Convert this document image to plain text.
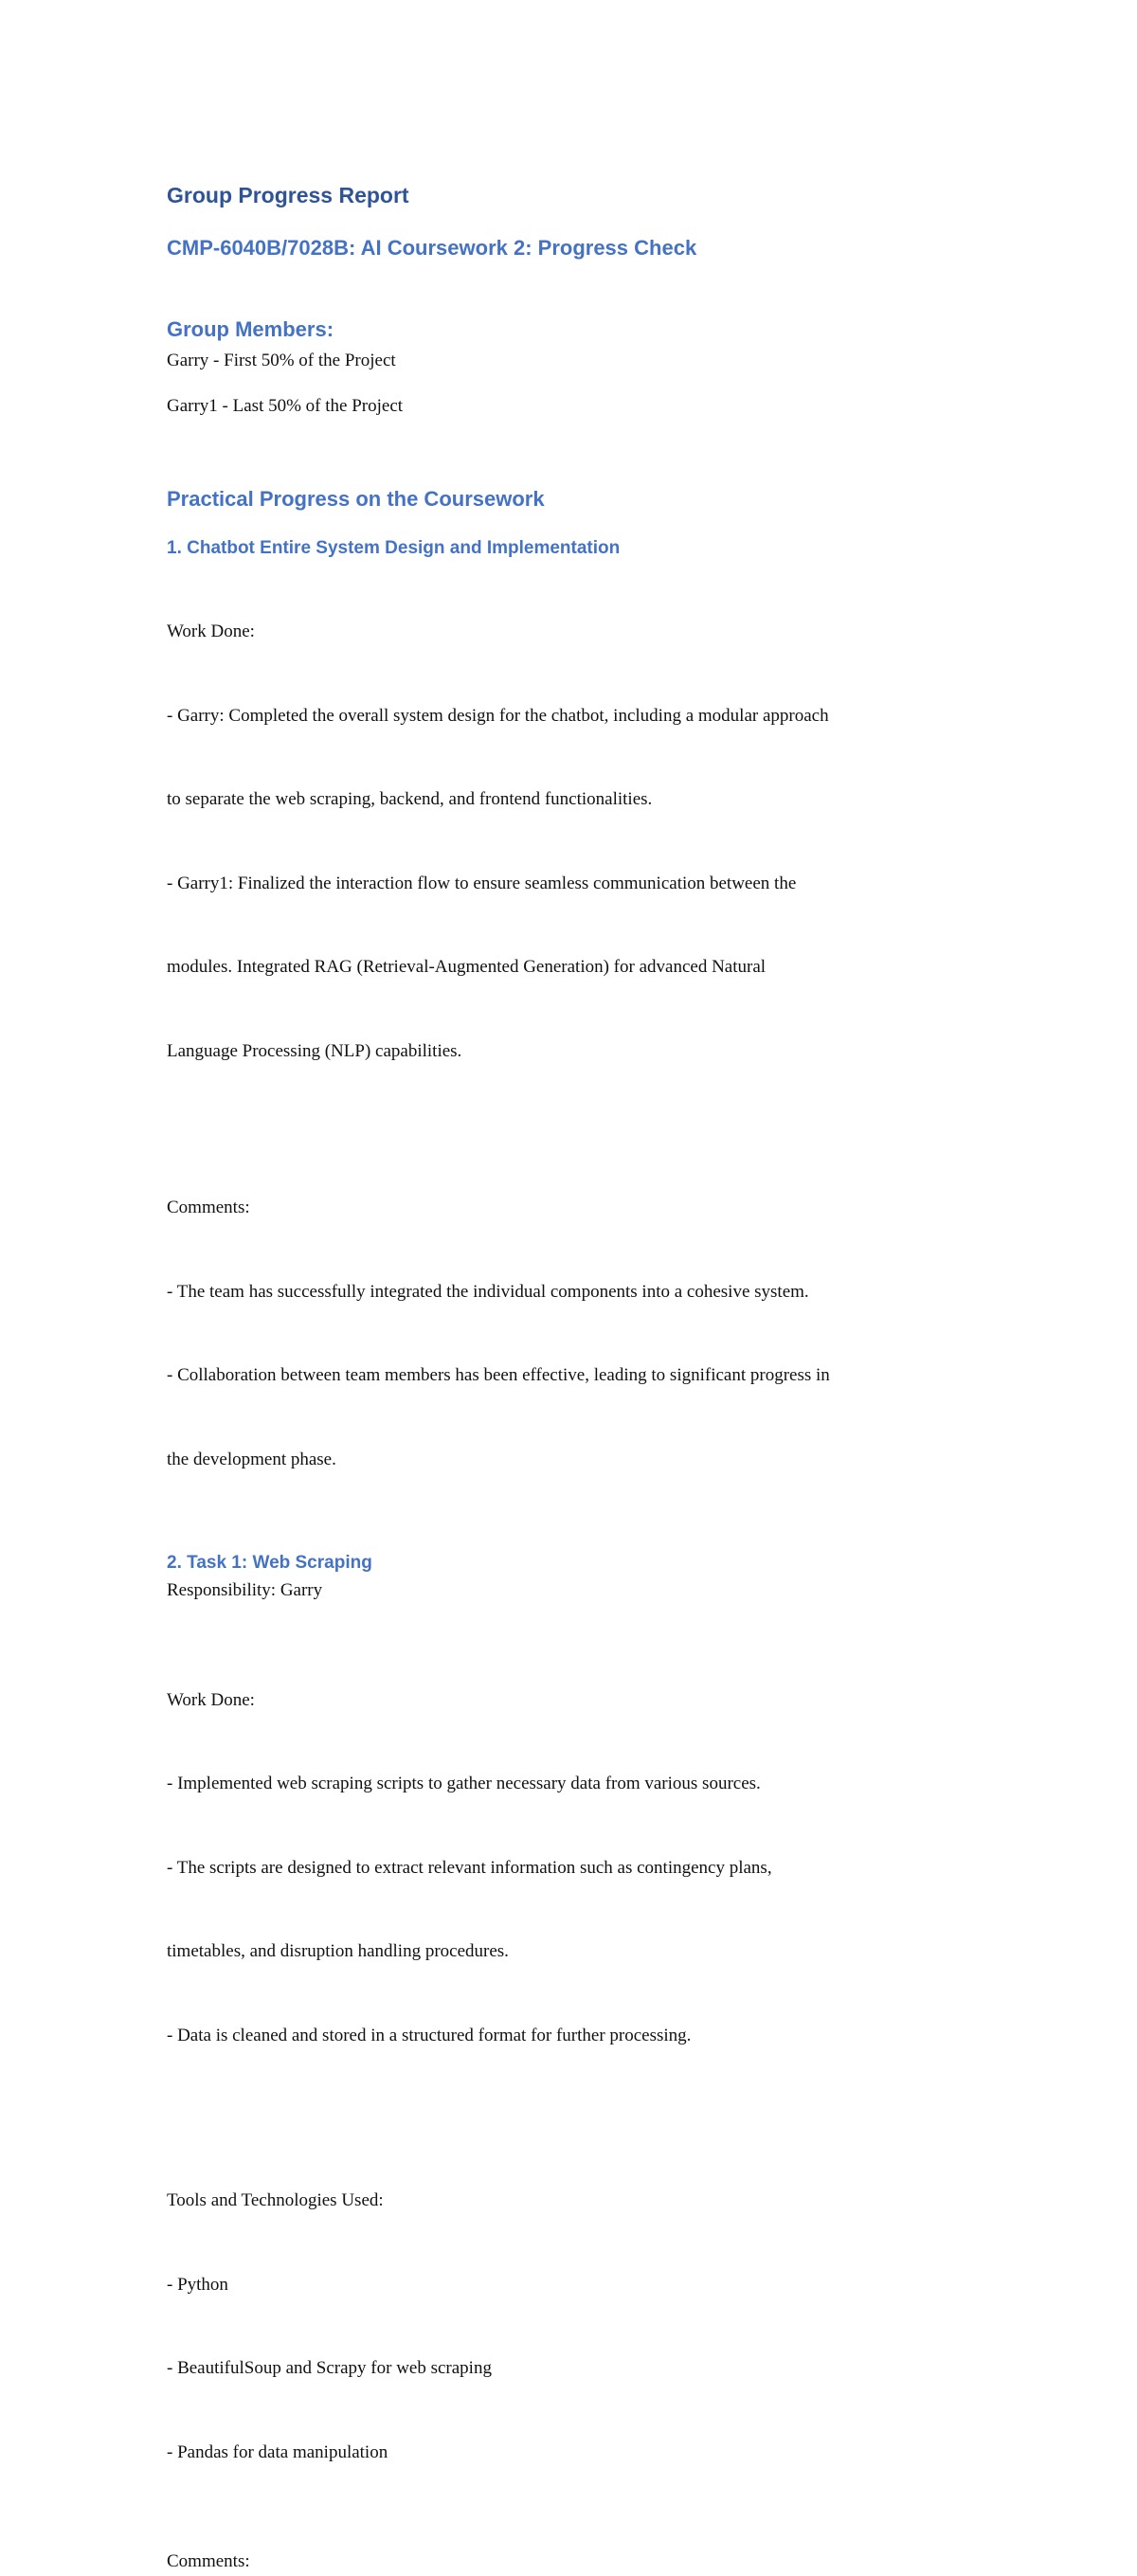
Group Progress Report
CMP-6040B/7028B: AI Coursework 2: Progress Check
Group Members:

Garry - First 50% of the Project

Garry1 - Last 50% of the Project

Practical Progress on the Coursework
1. Chatbot Entire System Design and Implementation

Work Done:

- Garry: Completed the overall system design for the chatbot, including a modular approach

to separate the web scraping, backend, and frontend functionalities.

- Garry1: Finalized the interaction flow to ensure seamless communication between the

modules. Integrated RAG (Retrieval-Augmented Generation) for advanced Natural

Language Processing (NLP) capabilities.

Comments:

- The team has successfully integrated the individual components into a cohesive system.

- Collaboration between team members has been effective, leading to significant progress in

the development phase.

2. Task 1: Web Scraping

Responsibility: Garry

Work Done:

- Implemented web scraping scripts to gather necessary data from various sources.

- The scripts are designed to extract relevant information such as contingency plans,

timetables, and disruption handling procedures.

- Data is cleaned and stored in a structured format for further processing.

Tools and Technologies Used:

- Python

- BeautifulSoup and Scrapy for web scraping

- Pandas for data manipulation

Comments:
